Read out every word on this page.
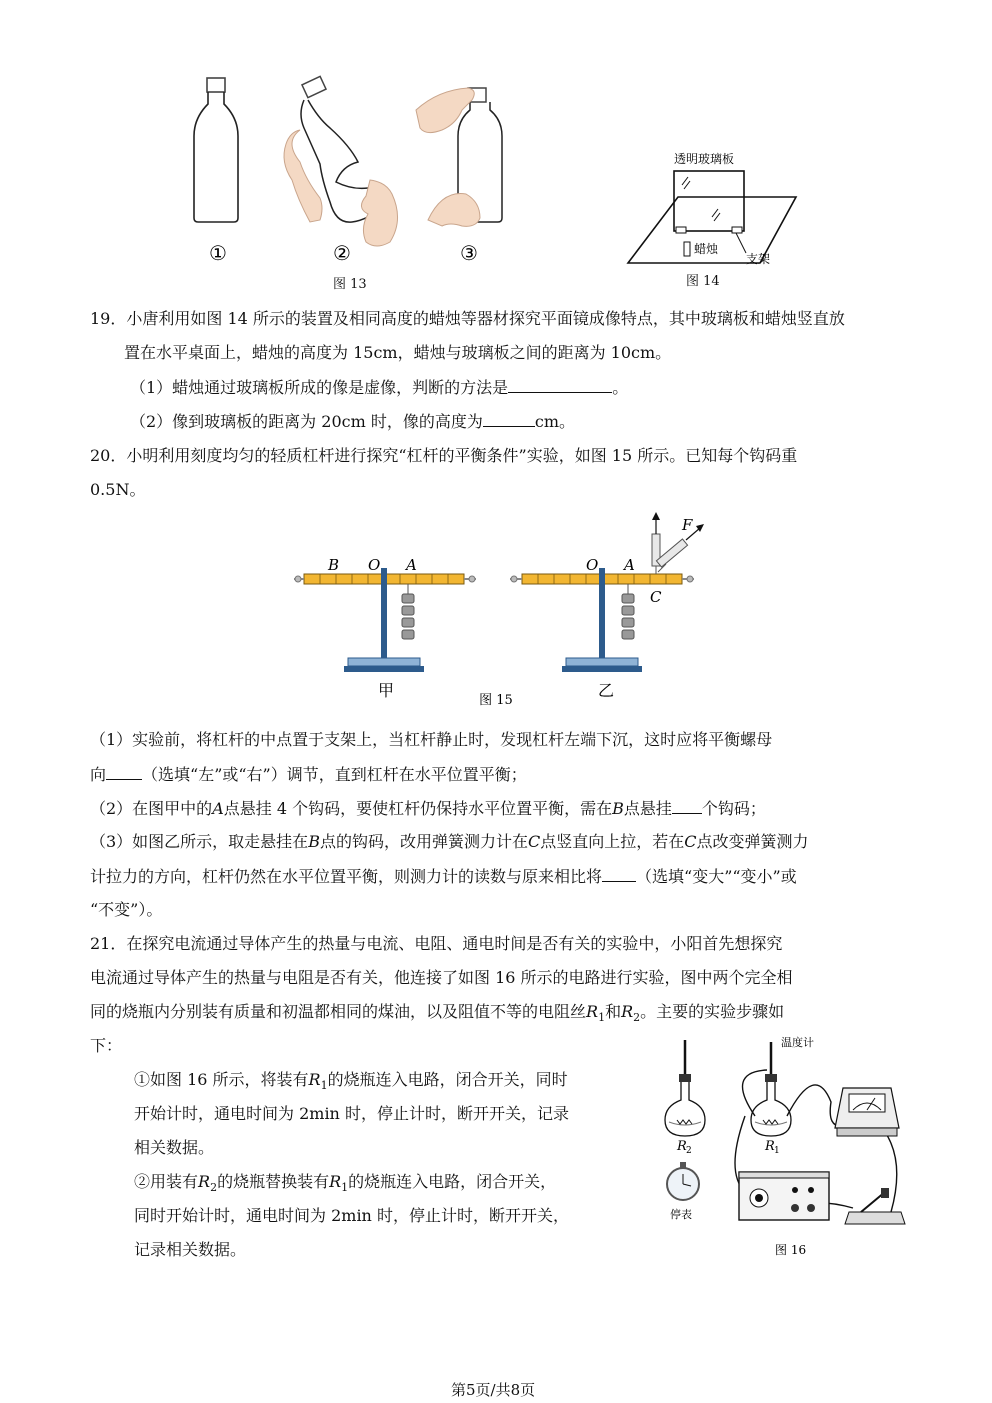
①	②	③
图 13
透明玻璃板
蜡烛
支架
图 14
19．小唐利用如图 14 所示的装置及相同高度的蜡烛等器材探究平面镜成像特点，其中玻璃板和蜡烛竖直放
置在水平桌面上，蜡烛的高度为 15cm，蜡烛与玻璃板之间的距离为 10cm。
（1）蜡烛通过玻璃板所成的像是虚像，判断的方法是	。
（2）像到玻璃板的距离为 20cm 时，像的高度为	cm。
20．小明利用刻度均匀的轻质杠杆进行探究“杠杆的平衡条件”实验，如图 15 所示。已知每个钩码重
0.5N。
B O A	O A
C
F
甲	乙
图 15
（1）实验前，将杠杆的中点置于支架上，当杠杆静止时，发现杠杆左端下沉，这时应将平衡螺母
向 （选填“左”或“右”）调节，直到杠杆在水平位置平衡；
（2）在图甲中的A点悬挂 4 个钩码，要使杠杆仍保持水平位置平衡，需在B点悬挂 个钩码；
（3）如图乙所示，取走悬挂在B点的钩码，改用弹簧测力计在C点竖直向上拉，若在C点改变弹簧测力
计拉力的方向，杠杆仍然在水平位置平衡，则测力计的读数与原来相比将 （选填“变大”“变小”或
“不变”）。
21．在探究电流通过导体产生的热量与电流、电阻、通电时间是否有关的实验中，小阳首先想探究
电流通过导体产生的热量与电阻是否有关，他连接了如图 16 所示的电路进行实验，图中两个完全相
同的烧瓶内分别装有质量和初温都相同的煤油，以及阻值不等的电阻丝$R_1$和$R_2$。主要的实验步骤如
下：
①如图 16 所示，将装有$R_1$的烧瓶连入电路，闭合开关，同时
开始计时，通电时间为 2min 时，停止计时，断开开关，记录
相关数据。
②用装有$R_2$的烧瓶替换装有$R_1$的烧瓶连入电路，闭合开关，
同时开始计时，通电时间为 2min 时，停止计时，断开开关，
记录相关数据。
R 2	R 1
温度计
停表
图 16
第5页/共8页
